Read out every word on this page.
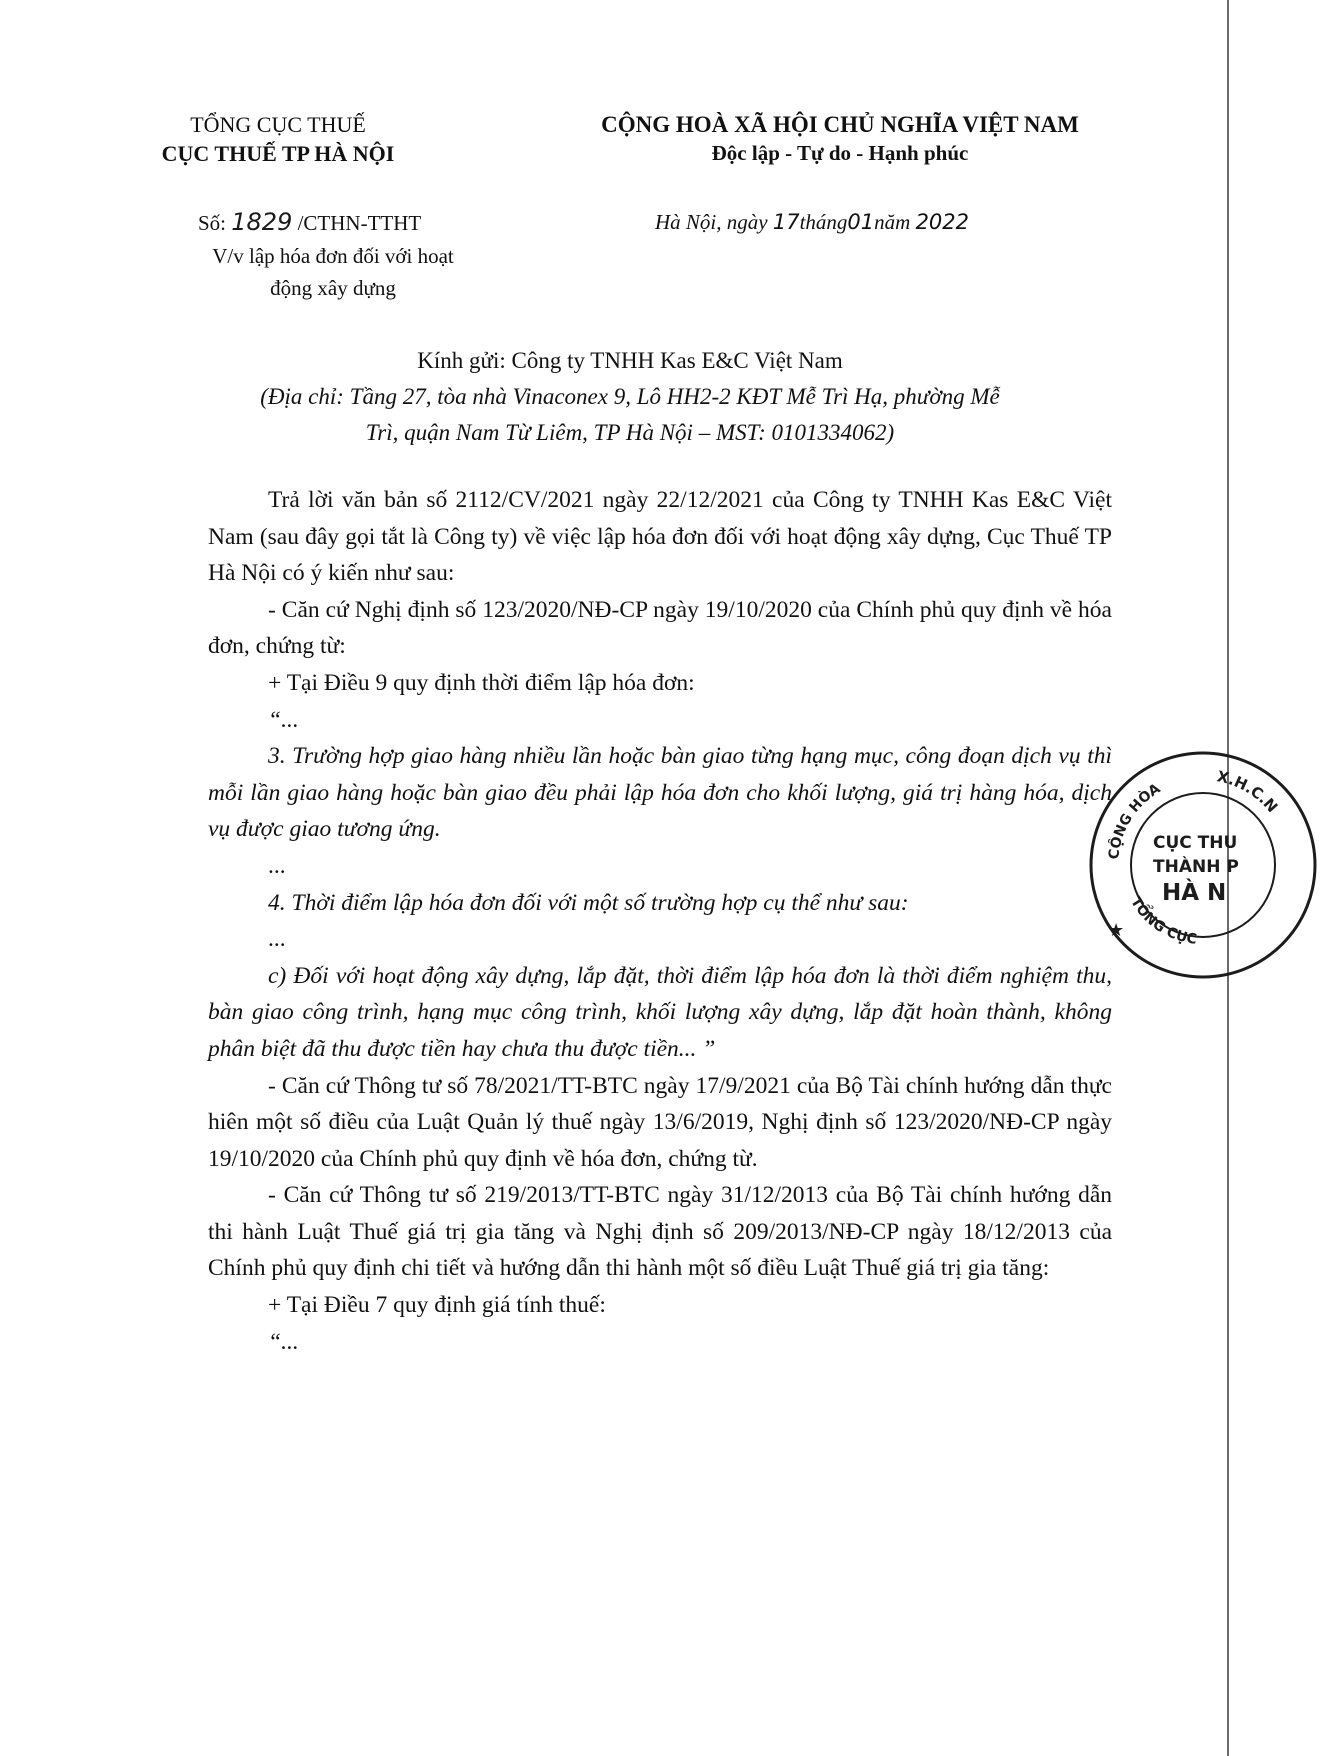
TỔNG CỤC THUẾ
CỤC THUẾ TP HÀ NỘI
CỘNG HOÀ XÃ HỘI CHỦ NGHĨA VIỆT NAM
Độc lập - Tự do - Hạnh phúc
Số: 1829 /CTHN-TTHT
V/v lập hóa đơn đối với hoạt
động xây dựng
Hà Nội, ngày 17tháng01năm 2022
Kính gửi: Công ty TNHH Kas E&C Việt Nam
(Địa chỉ: Tầng 27, tòa nhà Vinaconex 9, Lô HH2-2 KĐT Mễ Trì Hạ, phường Mễ
Trì, quận Nam Từ Liêm, TP Hà Nội – MST: 0101334062)

Trả lời văn bản số 2112/CV/2021 ngày 22/12/2021 của Công ty TNHH Kas E&C Việt Nam (sau đây gọi tắt là Công ty) về việc lập hóa đơn đối với hoạt động xây dựng, Cục Thuế TP Hà Nội có ý kiến như sau:

- Căn cứ Nghị định số 123/2020/NĐ-CP ngày 19/10/2020 của Chính phủ quy định về hóa đơn, chứng từ:

+ Tại Điều 9 quy định thời điểm lập hóa đơn:

“...

3. Trường hợp giao hàng nhiều lần hoặc bàn giao từng hạng mục, công đoạn dịch vụ thì mỗi lần giao hàng hoặc bàn giao đều phải lập hóa đơn cho khối lượng, giá trị hàng hóa, dịch vụ được giao tương ứng.

...

4. Thời điểm lập hóa đơn đối với một số trường hợp cụ thể như sau:

...

c) Đối với hoạt động xây dựng, lắp đặt, thời điểm lập hóa đơn là thời điểm nghiệm thu, bàn giao công trình, hạng mục công trình, khối lượng xây dựng, lắp đặt hoàn thành, không phân biệt đã thu được tiền hay chưa thu được tiền... ”

- Căn cứ Thông tư số 78/2021/TT-BTC ngày 17/9/2021 của Bộ Tài chính hướng dẫn thực hiên một số điều của Luật Quản lý thuế ngày 13/6/2019, Nghị định số 123/2020/NĐ-CP ngày 19/10/2020 của Chính phủ quy định về hóa đơn, chứng từ.

- Căn cứ Thông tư số 219/2013/TT-BTC ngày 31/12/2013 của Bộ Tài chính hướng dẫn thi hành Luật Thuế giá trị gia tăng và Nghị định số 209/2013/NĐ-CP ngày 18/12/2013 của Chính phủ quy định chi tiết và hướng dẫn thi hành một số điều Luật Thuế giá trị gia tăng:

+ Tại Điều 7 quy định giá tính thuế:

“...

X.H.C.N
CỘNG HÒA
TỔNG CỤC
CỤC THU
THÀNH P
HÀ N
★
